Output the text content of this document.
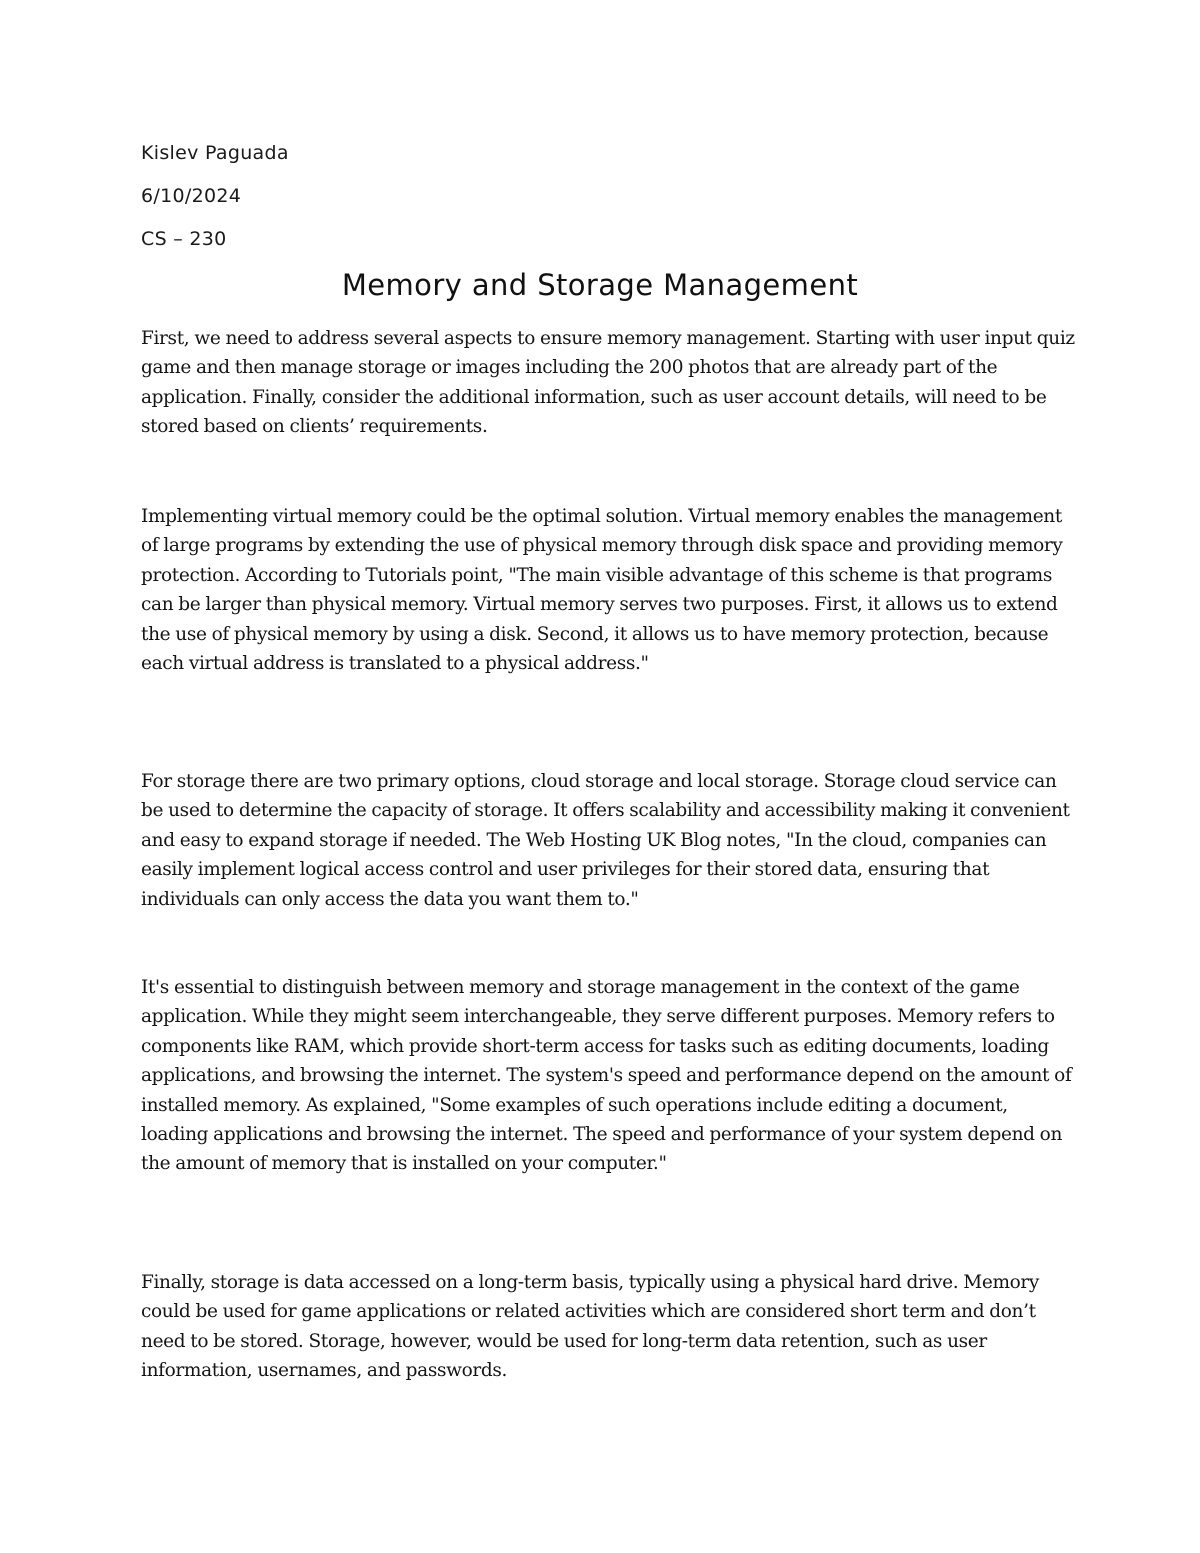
Kislev Paguada
6/10/2024
CS – 230
Memory and Storage Management

First, we need to address several aspects to ensure memory management. Starting with user input quiz game and then manage storage or images including the 200 photos that are already part of the application. Finally, consider the additional information, such as user account details, will need to be stored based on clients’ requirements.

Implementing virtual memory could be the optimal solution. Virtual memory enables the management of large programs by extending the use of physical memory through disk space and providing memory protection. According to Tutorials point, "The main visible advantage of this scheme is that programs can be larger than physical memory. Virtual memory serves two purposes. First, it allows us to extend the use of physical memory by using a disk. Second, it allows us to have memory protection, because each virtual address is translated to a physical address."

For storage there are two primary options, cloud storage and local storage. Storage cloud service can be used to determine the capacity of storage. It offers scalability and accessibility making it convenient and easy to expand storage if needed. The Web Hosting UK Blog notes, "In the cloud, companies can easily implement logical access control and user privileges for their stored data, ensuring that individuals can only access the data you want them to."

It's essential to distinguish between memory and storage management in the context of the game application. While they might seem interchangeable, they serve different purposes. Memory refers to components like RAM, which provide short-term access for tasks such as editing documents, loading applications, and browsing the internet. The system's speed and performance depend on the amount of installed memory. As explained, "Some examples of such operations include editing a document, loading applications and browsing the internet. The speed and performance of your system depend on the amount of memory that is installed on your computer."

Finally, storage is data accessed on a long-term basis, typically using a physical hard drive. Memory could be used for game applications or related activities which are considered short term and don’t need to be stored. Storage, however, would be used for long-term data retention, such as user information, usernames, and passwords.
